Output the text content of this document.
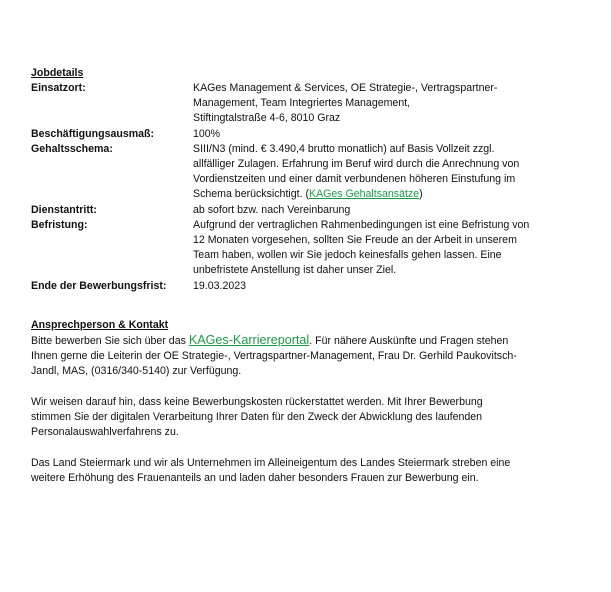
Jobdetails
Einsatzort:	KAGes Management & Services, OE Strategie-, Vertragspartner-
Management, Team Integriertes Management,
Stiftingtalstraße 4-6, 8010 Graz
Beschäftigungsausmaß:	100%
Gehaltsschema:	SIII/N3 (mind. € 3.490,4 brutto monatlich) auf Basis Vollzeit zzgl.
allfälliger Zulagen. Erfahrung im Beruf wird durch die Anrechnung von
Vordienstzeiten und einer damit verbundenen höheren Einstufung im
Schema berücksichtigt. (KAGes Gehaltsansätze)
Dienstantritt:	ab sofort bzw. nach Vereinbarung
Befristung:	Aufgrund der vertraglichen Rahmenbedingungen ist eine Befristung von
12 Monaten vorgesehen, sollten Sie Freude an der Arbeit in unserem
Team haben, wollen wir Sie jedoch keinesfalls gehen lassen. Eine
unbefristete Anstellung ist daher unser Ziel.
Ende der Bewerbungsfrist:	19.03.2023
Ansprechperson & Kontakt
Bitte bewerben Sie sich über das KAGes-Karriereportal. Für nähere Auskünfte und Fragen stehen
Ihnen gerne die Leiterin der OE Strategie-, Vertragspartner-Management, Frau Dr. Gerhild Paukovitsch-
Jandl, MAS, (0316/340-5140) zur Verfügung.
Wir weisen darauf hin, dass keine Bewerbungskosten rückerstattet werden. Mit Ihrer Bewerbung
stimmen Sie der digitalen Verarbeitung Ihrer Daten für den Zweck der Abwicklung des laufenden
Personalauswahlverfahrens zu.
Das Land Steiermark und wir als Unternehmen im Alleineigentum des Landes Steiermark streben eine
weitere Erhöhung des Frauenanteils an und laden daher besonders Frauen zur Bewerbung ein.
